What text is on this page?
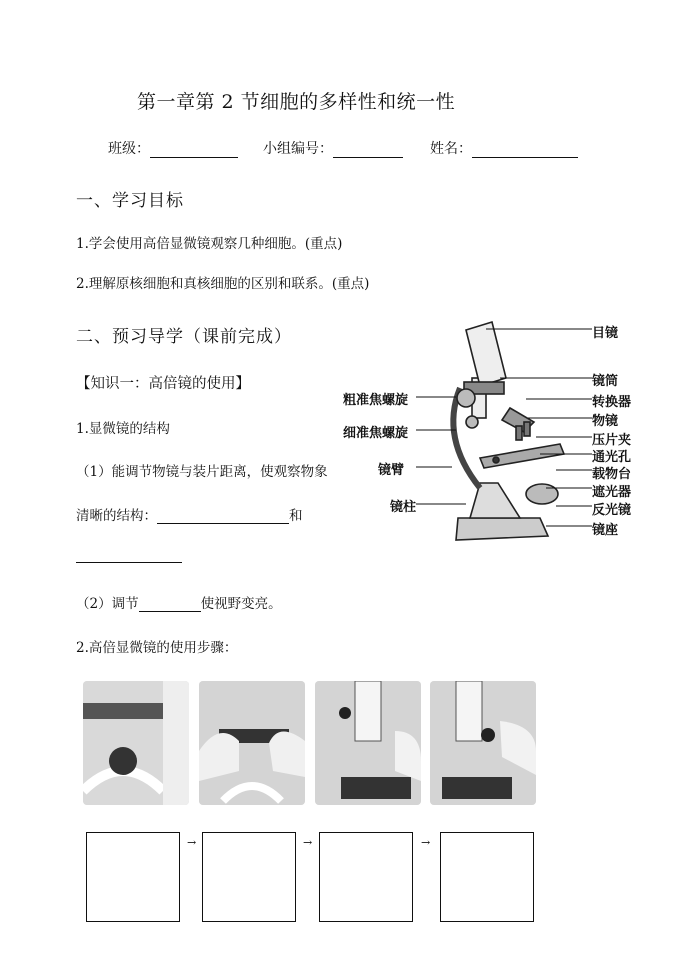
第一章第 2 节细胞的多样性和统一性
班级：	小组编号：	姓名：
一、学习目标
1.学会使用高倍显微镜观察几种细胞。(重点)
2.理解原核细胞和真核细胞的区别和联系。(重点)
二、预习导学（课前完成）
【知识一：高倍镜的使用】
1.显微镜的结构
（1）能调节物镜与装片距离，使观察物象
清晰的结构：	和
（2）调节	使视野变亮。
2.高倍显微镜的使用步骤：
目镜
镜筒
转换器
物镜
压片夹
通光孔
载物台
遮光器
反光镜
镜座
粗准焦螺旋
细准焦螺旋
镜臂
镜柱
→	→	→
